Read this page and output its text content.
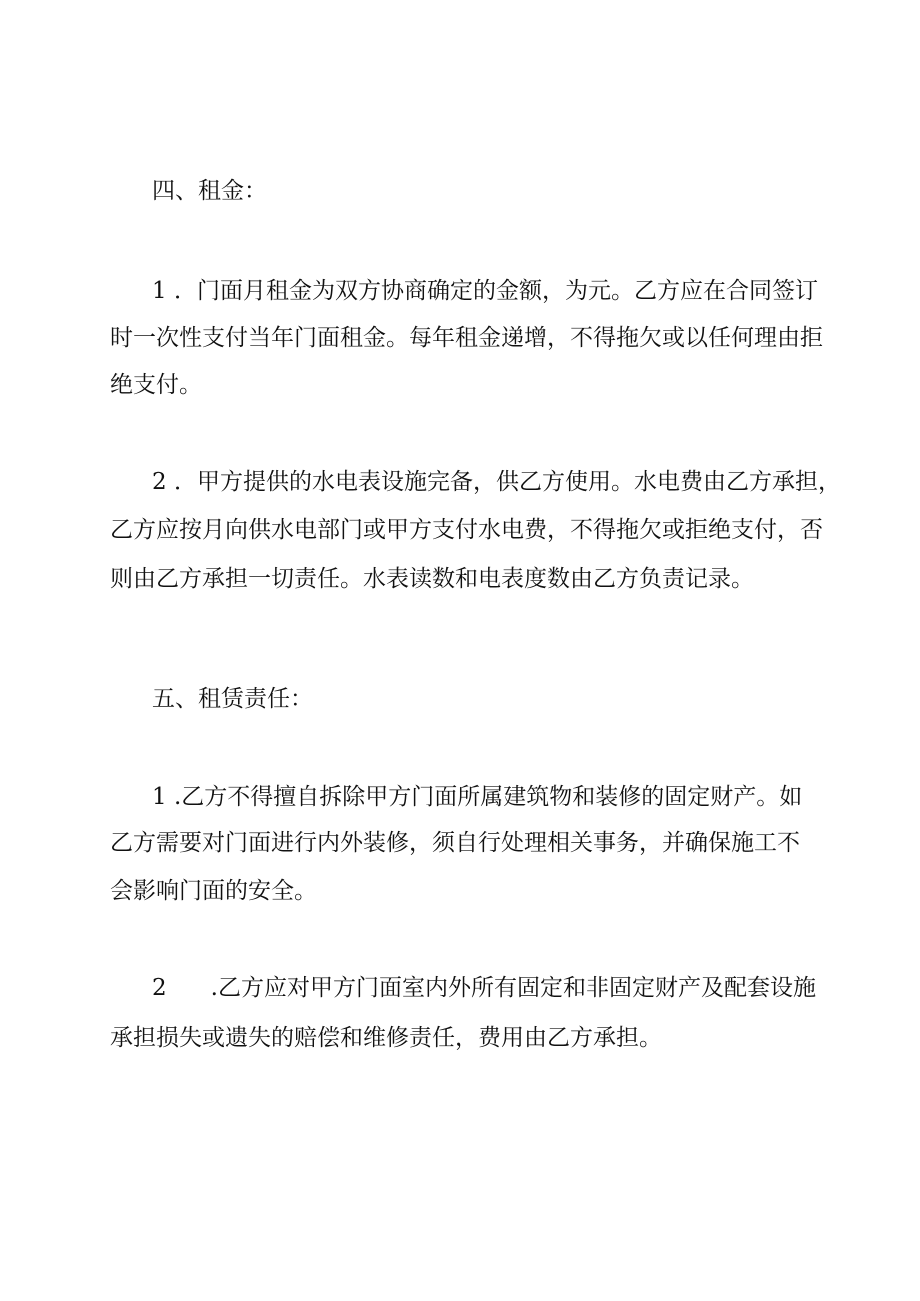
四、租金：
1 ．门面月租金为双方协商确定的金额，为元。乙方应在合同签订
时一次性支付当年门面租金。每年租金递增，不得拖欠或以任何理由拒
绝支付。
2 ．甲方提供的水电表设施完备，供乙方使用。水电费由乙方承担，
乙方应按月向供水电部门或甲方支付水电费，不得拖欠或拒绝支付，否
则由乙方承担一切责任。水表读数和电表度数由乙方负责记录。
五、租赁责任：
1 .乙方不得擅自拆除甲方门面所属建筑物和装修的固定财产。如
乙方需要对门面进行内外装修，须自行处理相关事务，并确保施工不
会影响门面的安全。
2 .乙方应对甲方门面室内外所有固定和非固定财产及配套设施
承担损失或遗失的赔偿和维修责任，费用由乙方承担。
